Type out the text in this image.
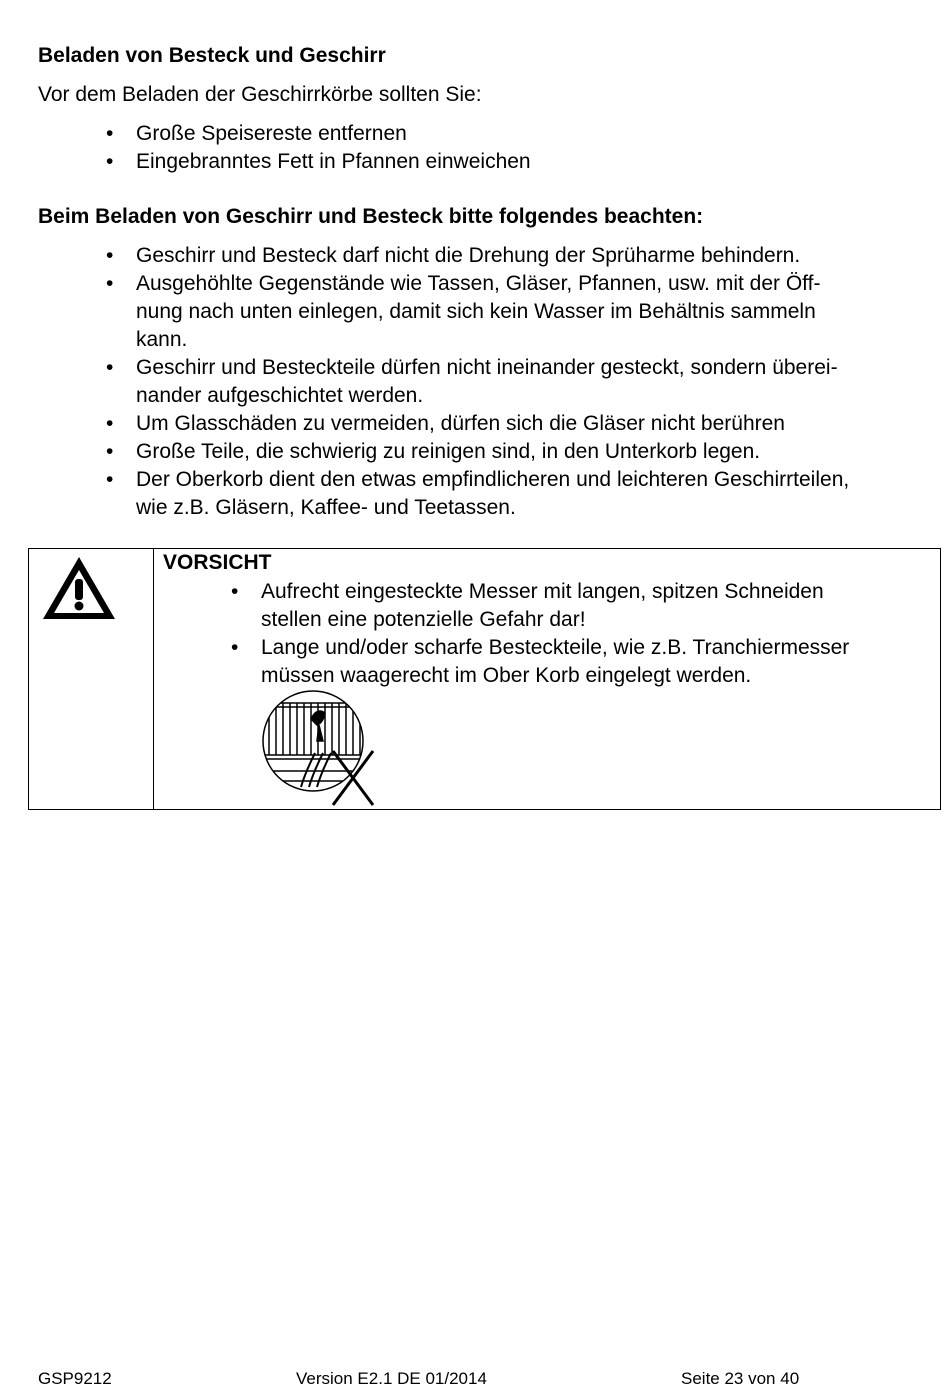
Beladen von Besteck und Geschirr
Vor dem Beladen der Geschirrkörbe sollten Sie:
• Große Speisereste entfernen
• Eingebranntes Fett in Pfannen einweichen
Beim Beladen von Geschirr und Besteck bitte folgendes beachten:
• Geschirr und Besteck darf nicht die Drehung der Sprüharme behindern.
• Ausgehöhlte Gegenstände wie Tassen, Gläser, Pfannen, usw. mit der Öff-
nung nach unten einlegen, damit sich kein Wasser im Behältnis sammeln
kann.
• Geschirr und Besteckteile dürfen nicht ineinander gesteckt, sondern überei-
nander aufgeschichtet werden.
• Um Glasschäden zu vermeiden, dürfen sich die Gläser nicht berühren
• Große Teile, die schwierig zu reinigen sind, in den Unterkorb legen.
• Der Oberkorb dient den etwas empfindlicheren und leichteren Geschirrteilen,
wie z.B. Gläsern, Kaffee- und Teetassen.
VORSICHT
• Aufrecht eingesteckte Messer mit langen, spitzen Schneiden
stellen eine potenzielle Gefahr dar!
• Lange und/oder scharfe Besteckteile, wie z.B. Tranchiermesser
müssen waagerecht im Ober Korb eingelegt werden.
GSP9212	Version E2.1 DE 01/2014	Seite 23 von 40
